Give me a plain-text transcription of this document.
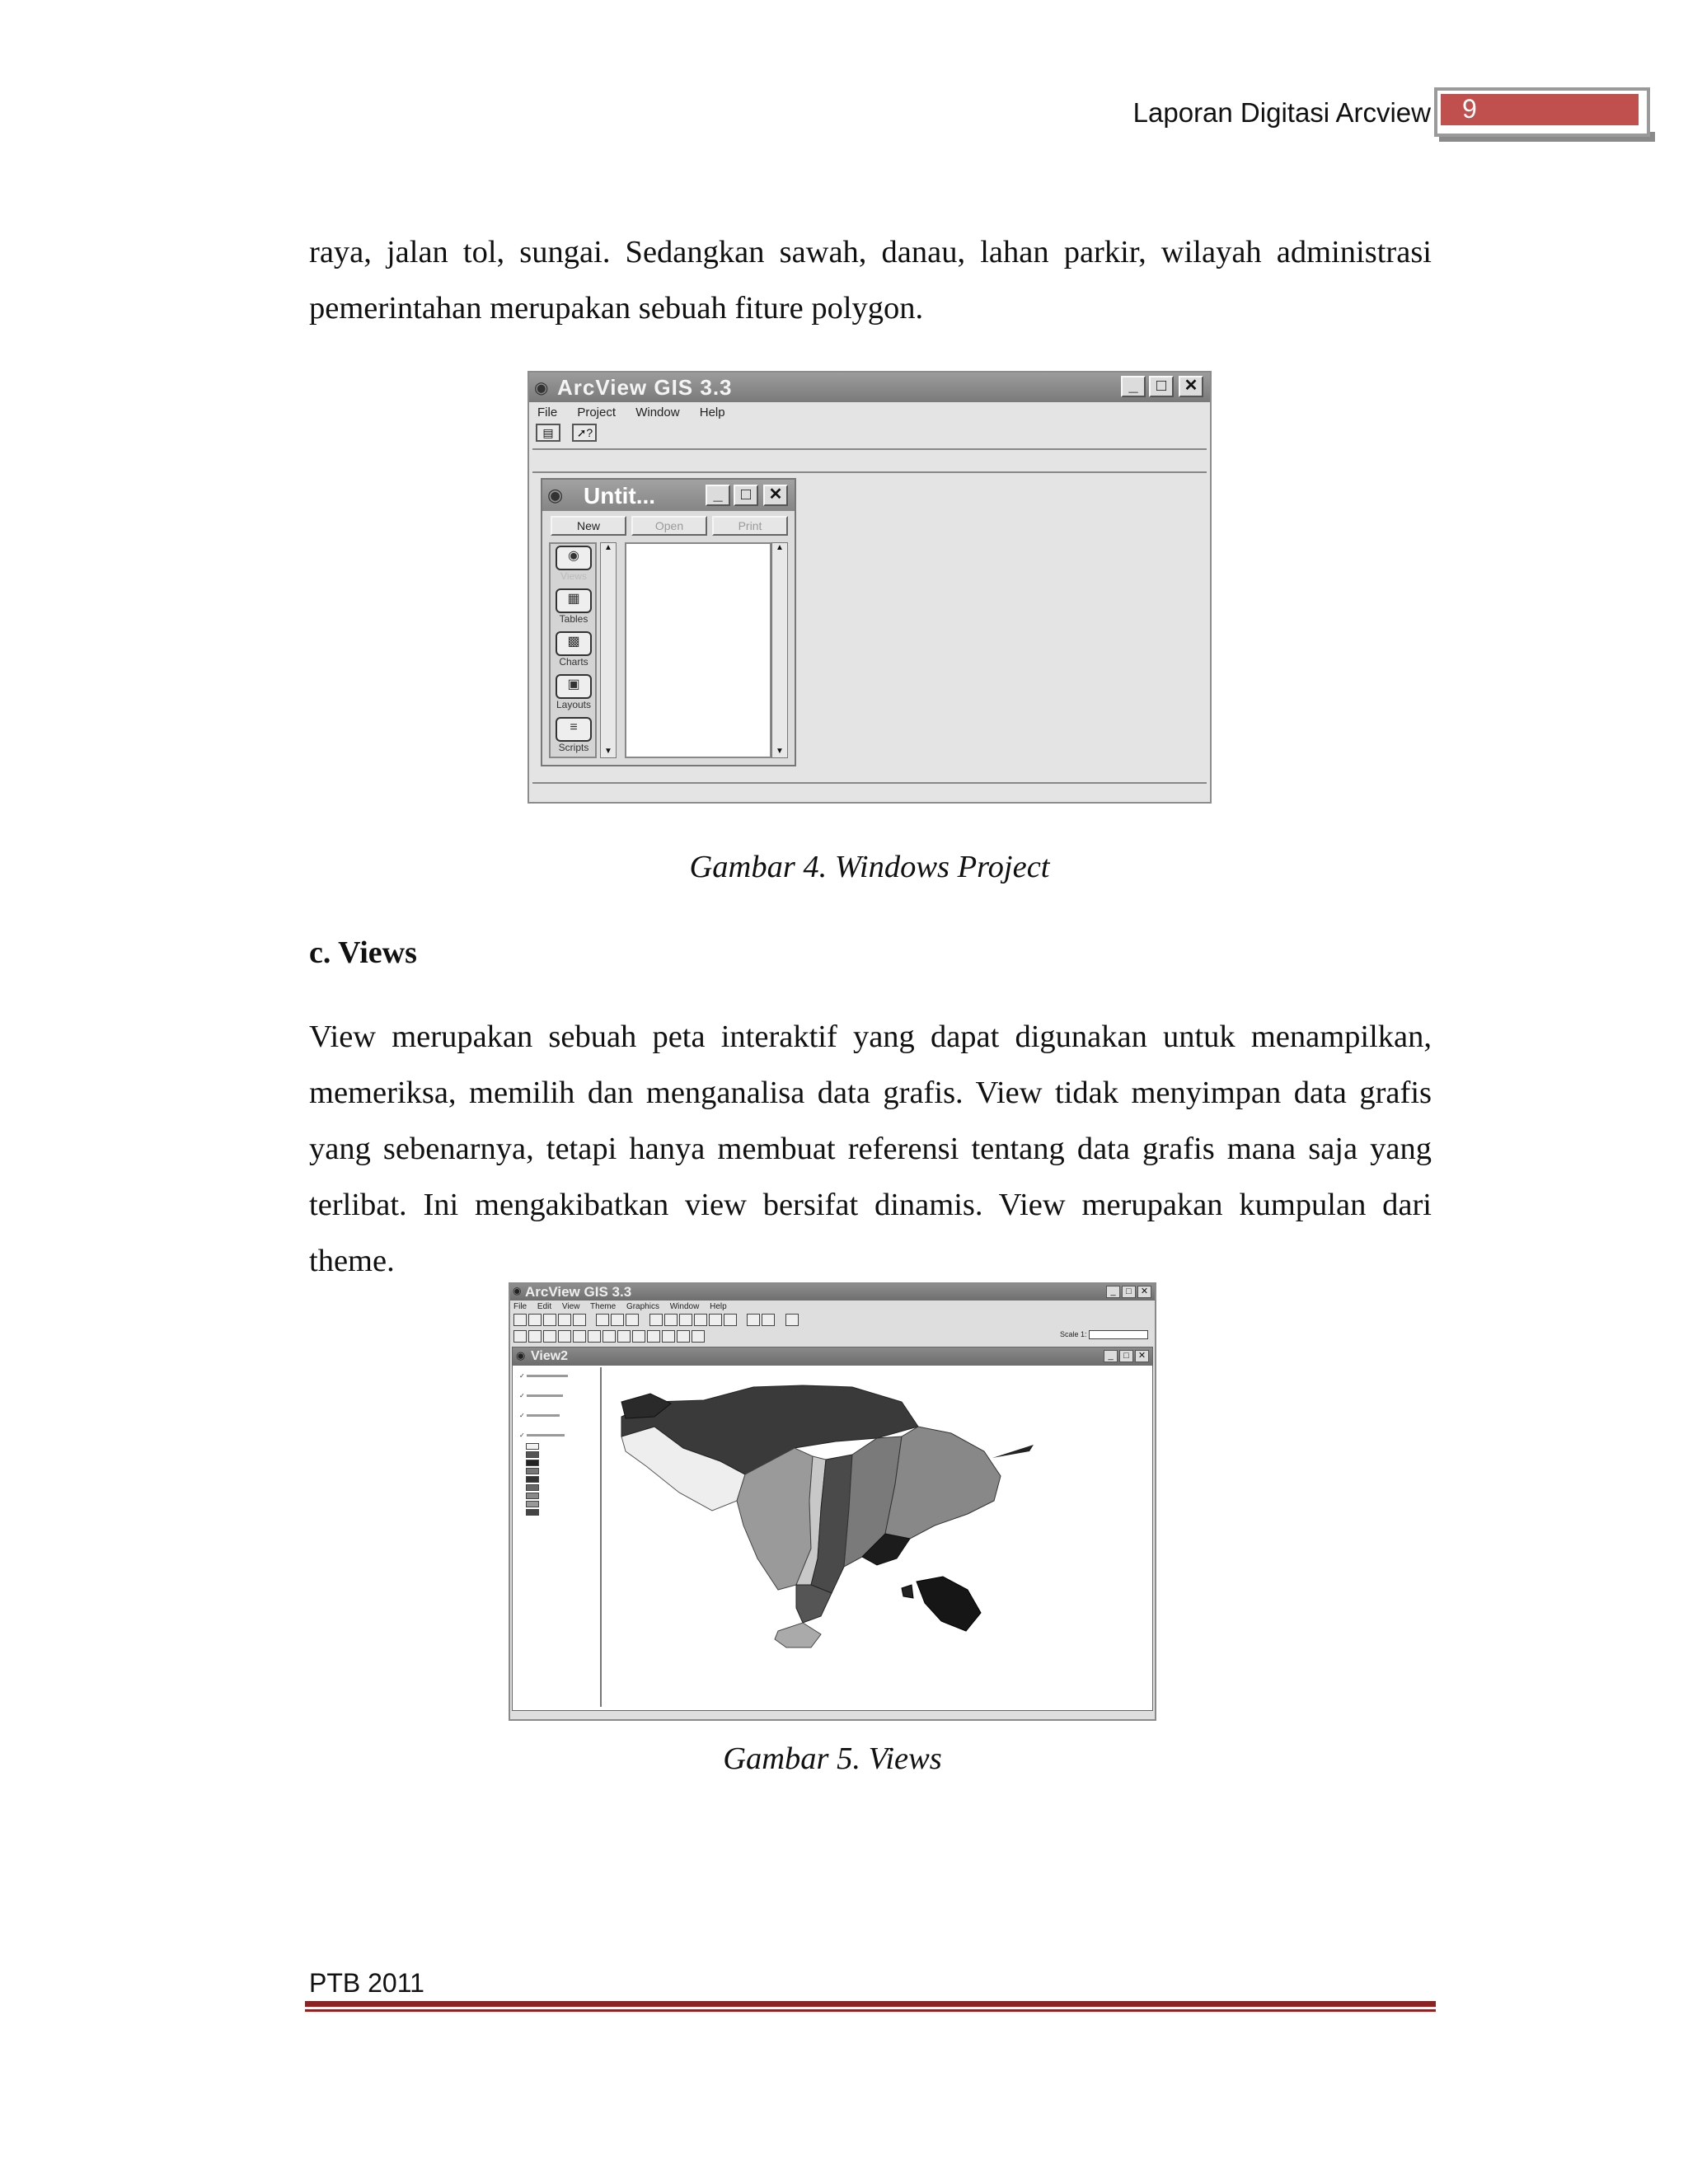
Laporan Digitasi Arcview 9
raya, jalan tol, sungai. Sedangkan sawah, danau, lahan parkir, wilayah administrasi
pemerintahan merupakan sebuah fiture polygon.
◉ ArcView GIS 3.3	_	□	✕
File Project Window Help
▤ ➚?
◉ Untit...	_	□	✕
New	Open	Print
◉
Views
▦
Tables
▩
Charts
▣
Layouts
≡
Scripts
▲
▼
▲
▼
Gambar 4. Windows Project
c. Views
View merupakan sebuah peta interaktif yang dapat digunakan untuk menampilkan,
memeriksa, memilih dan menganalisa data grafis. View tidak menyimpan data grafis
yang sebenarnya, tetapi hanya membuat referensi tentang data grafis mana saja yang
terlibat. Ini mengakibatkan view bersifat dinamis. View merupakan kumpulan dari
theme.
◉ ArcView GIS 3.3	_	□	✕
File Edit View Theme Graphics Window Help

Scale 1:
◉ View2	_	□	✕
✓
✓
✓
✓
Gambar 5. Views
PTB 2011
